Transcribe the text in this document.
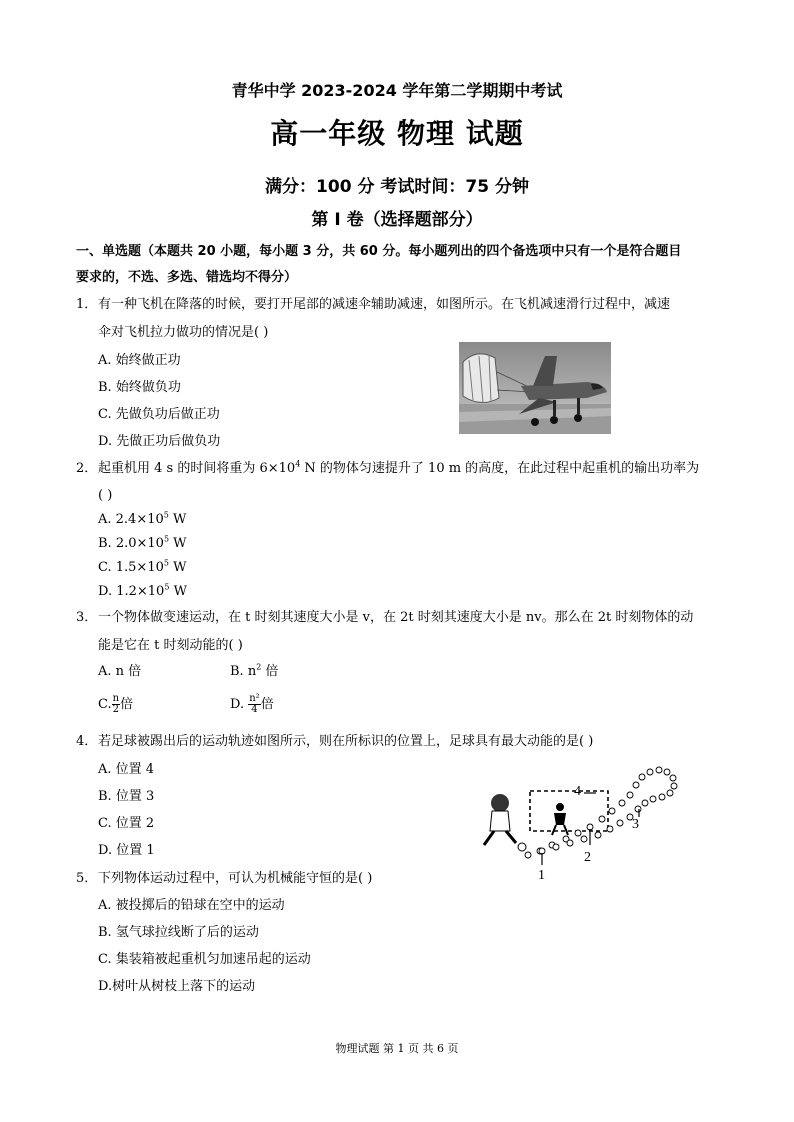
青华中学 2023-2024 学年第二学期期中考试
高一年级 物理 试题
满分：100 分 考试时间：75 分钟
第 I 卷（选择题部分）
一、单选题（本题共 20 小题，每小题 3 分，共 60 分。每小题列出的四个备选项中只有一个是符合题目
要求的，不选、多选、错选均不得分）
1．有一种飞机在降落的时候，要打开尾部的减速伞辅助减速，如图所示。在飞机减速滑行过程中，减速
伞对飞机拉力做功的情况是( )
A. 始终做正功
B. 始终做负功
C. 先做负功后做正功
D. 先做正功后做负功
2．起重机用 4 s 的时间将重为 $6\times 10^4$ N 的物体匀速提升了 10 m 的高度，在此过程中起重机的输出功率为
( )
A. $2.4\times 10^5$ W
B. $2.0\times 10^5$ W
C. $1.5\times 10^5$ W
D. $1.2\times 10^5$ W
3．一个物体做变速运动，在 t 时刻其速度大小是 v，在 2t 时刻其速度大小是 nv。那么在 2t 时刻物体的动
能是它在 t 时刻动能的( )
A. n 倍	B. $n^2$ 倍
C. $\frac{n}{2}$ 倍	D. $\frac{\text{n²}}{4}$ 倍
4．若足球被踢出后的运动轨迹如图所示，则在所标识的位置上，足球具有最大动能的是( )
A. 位置 4
B. 位置 3
C. 位置 2
D. 位置 1
1
2
3
4
5．下列物体运动过程中，可认为机械能守恒的是( )
A. 被投掷后的铅球在空中的运动
B. 氢气球拉线断了后的运动
C. 集装箱被起重机匀加速吊起的运动
D.树叶从树枝上落下的运动
物理试题 第 1 页 共 6 页
